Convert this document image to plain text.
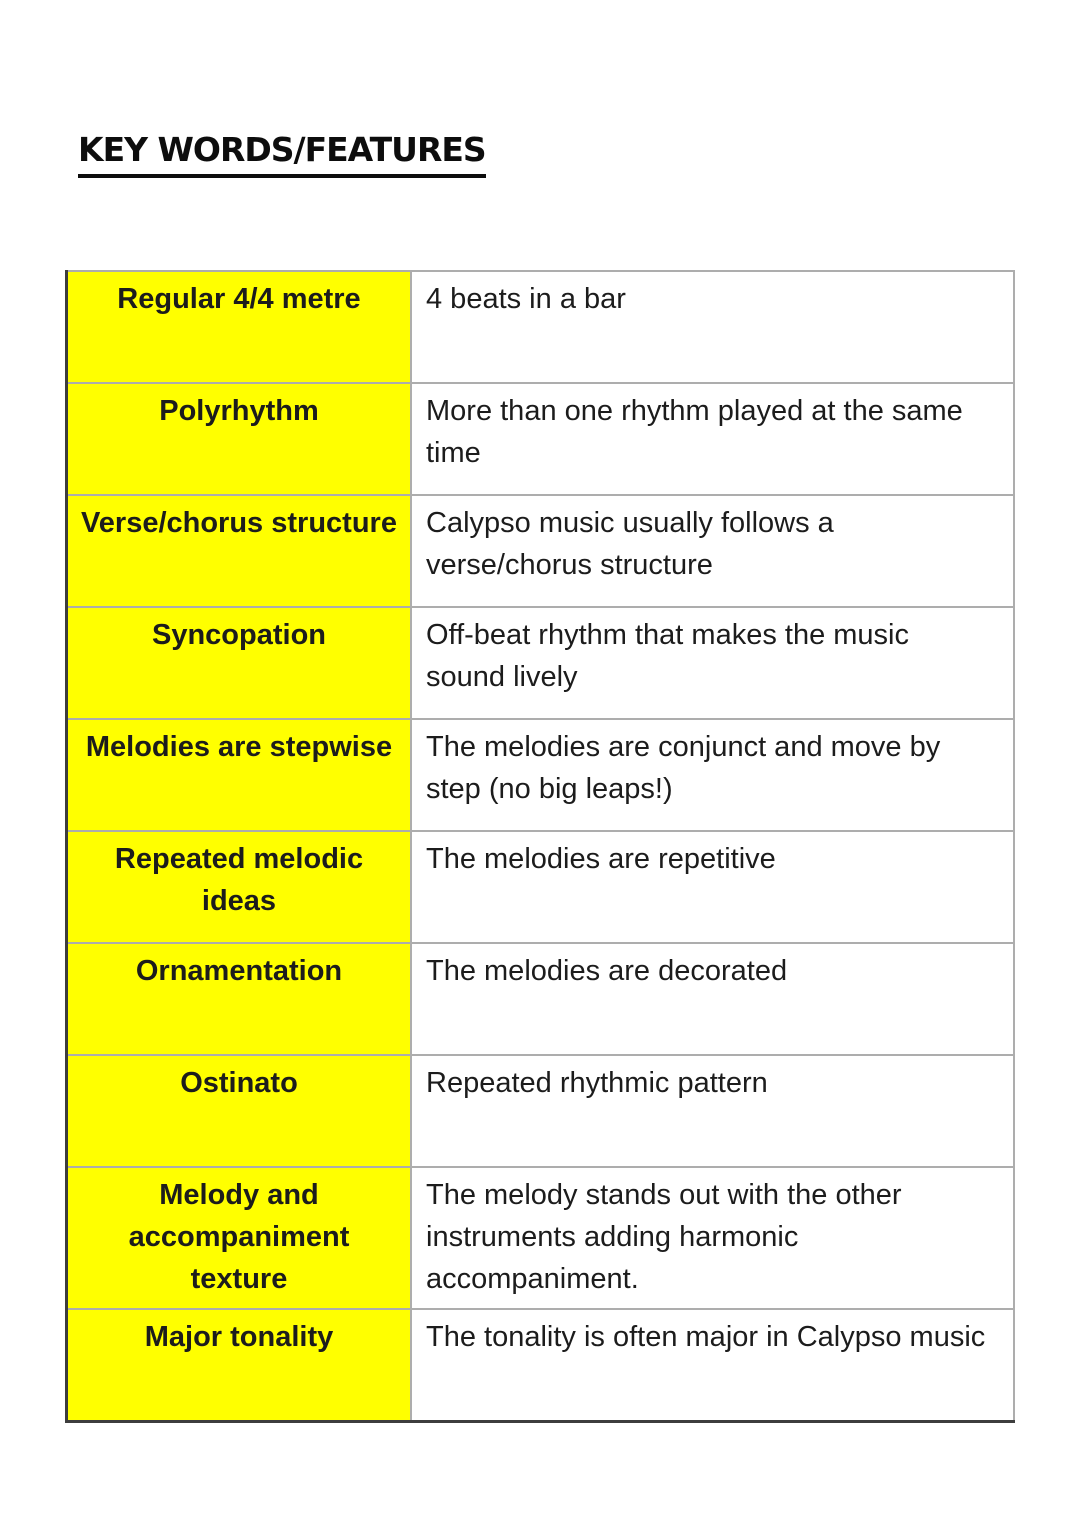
KEY WORDS/FEATURES
Regular 4/4 metre	4 beats in a bar
Polyrhythm	More than one rhythm played at the same time
Verse/chorus structure	Calypso music usually follows a verse/chorus structure
Syncopation	Off-beat rhythm that makes the music sound lively
Melodies are stepwise	The melodies are conjunct and move by step (no big leaps!)
Repeated melodic ideas	The melodies are repetitive
Ornamentation	The melodies are decorated
Ostinato	Repeated rhythmic pattern
Melody and accompaniment texture	The melody stands out with the other instruments adding harmonic accompaniment.
Major tonality	The tonality is often major in Calypso music
